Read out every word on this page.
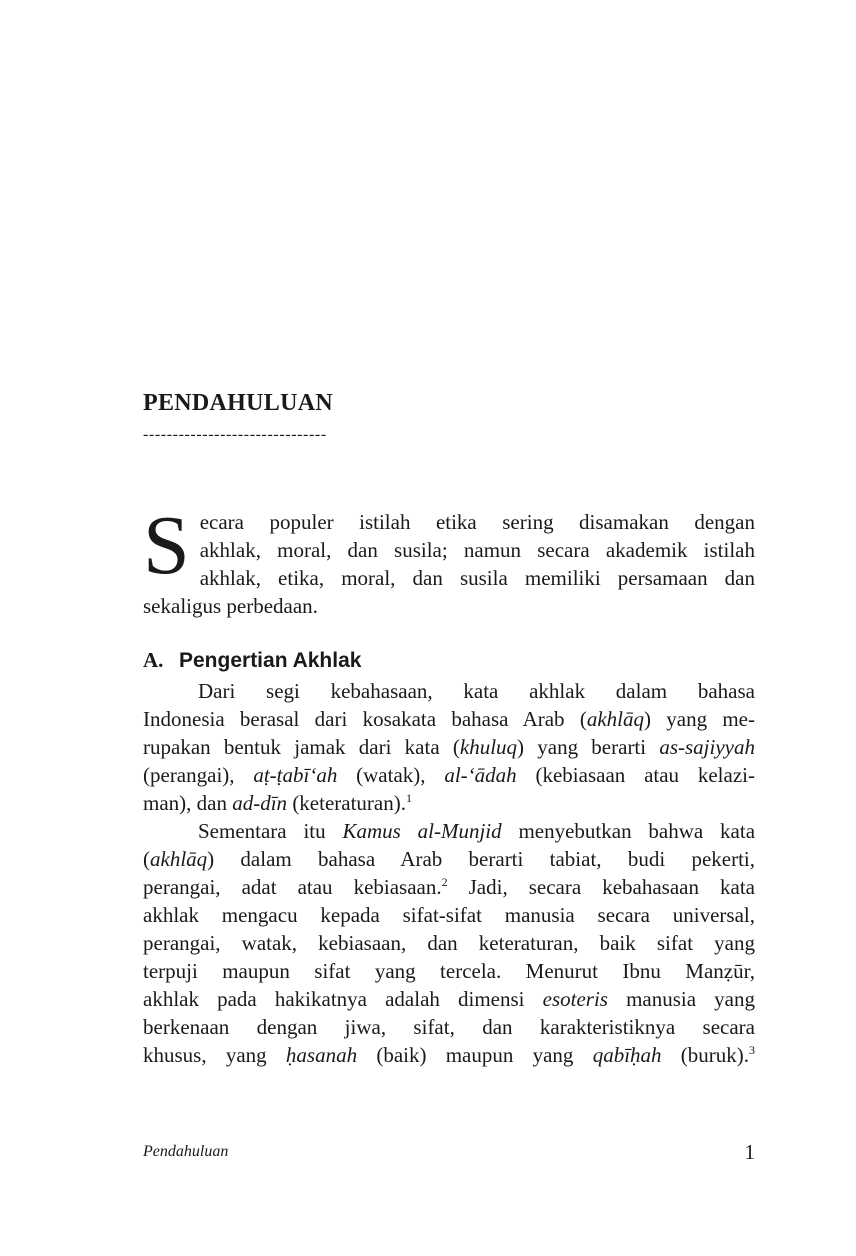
PENDAHULUAN
-------------------------------
S ecara populer istilah etika sering disamakan dengan
akhlak, moral, dan susila; namun secara akademik istilah
akhlak, etika, moral, dan susila memiliki persamaan dan
sekaligus perbedaan.
A. Pengertian Akhlak
Dari segi kebahasaan, kata akhlak dalam bahasa
Indonesia berasal dari kosakata bahasa Arab (akhlāq) yang me-
rupakan bentuk jamak dari kata (khuluq) yang berarti as-sajiyyah
(perangai), aṭ-ṭabī‘ah (watak), al-‘ādah (kebiasaan atau kelazi-
man), dan ad-dīn (keteraturan).$^1$
Sementara itu Kamus al-Munjid menyebutkan bahwa kata
(akhlāq) dalam bahasa Arab berarti tabiat, budi pekerti,
perangai, adat atau kebiasaan.$^2$ Jadi, secara kebahasaan kata
akhlak mengacu kepada sifat-sifat manusia secara universal,
perangai, watak, kebiasaan, dan keteraturan, baik sifat yang
terpuji maupun sifat yang tercela. Menurut Ibnu Manẓūr,
akhlak pada hakikatnya adalah dimensi esoteris manusia yang
berkenaan dengan jiwa, sifat, dan karakteristiknya secara
khusus, yang ḥasanah (baik) maupun yang qabīḥah (buruk).$^3$
Pendahuluan	1
